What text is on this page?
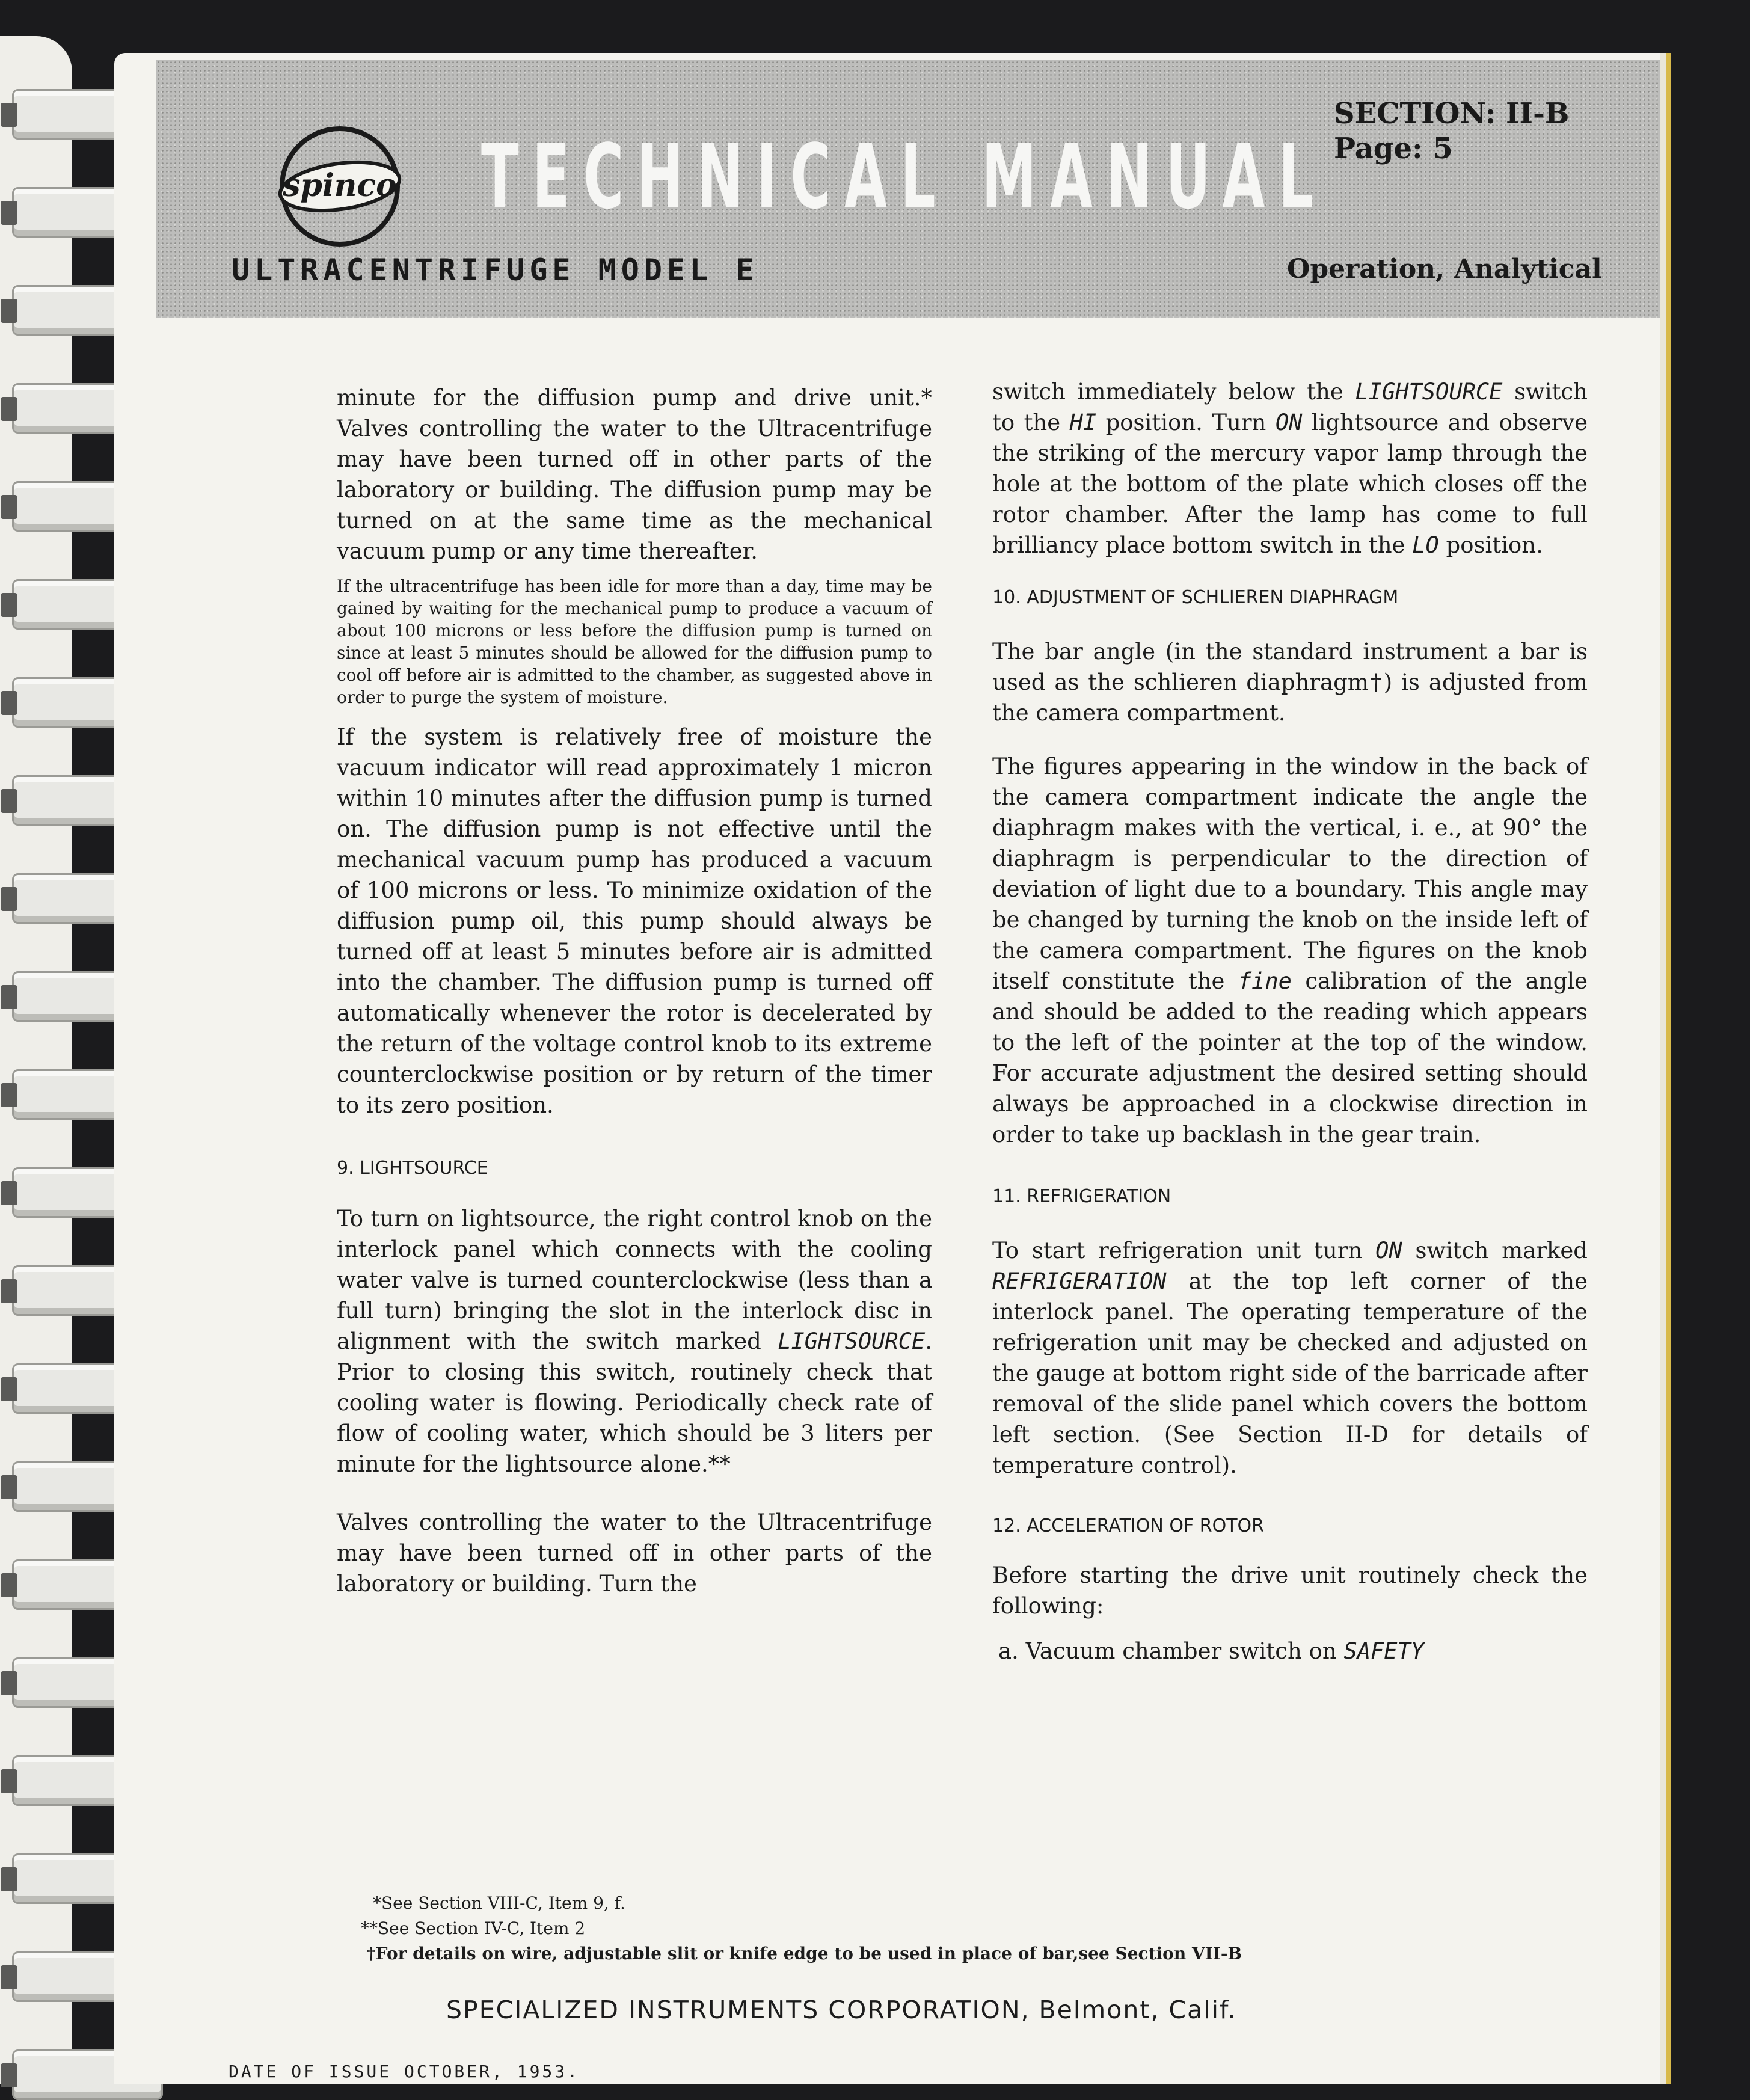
spinco TECHNICAL MANUAL
SECTION: II-B
Page: 5
ULTRACENTRIFUGE MODEL E	Operation, Analytical

minute for the diffusion pump and drive unit.* Valves controlling the water to the Ultracentrifuge may have been turned off in other parts of the laboratory or building. The diffusion pump may be turned on at the same time as the mechanical vacuum pump or any time thereafter.

If the ultracentrifuge has been idle for more than a day, time may be gained by waiting for the mechanical pump to produce a vacuum of about 100 microns or less before the diffusion pump is turned on since at least 5 minutes should be allowed for the diffusion pump to cool off before air is admitted to the chamber, as suggested above in order to purge the system of moisture.

If the system is relatively free of moisture the vacuum indicator will read approximately 1 micron within 10 minutes after the diffusion pump is turned on. The diffusion pump is not effective until the mechanical vacuum pump has produced a vacuum of 100 microns or less. To minimize oxidation of the diffusion pump oil, this pump should always be turned off at least 5 minutes before air is admitted into the chamber. The diffusion pump is turned off automatically whenever the rotor is decelerated by the return of the voltage control knob to its extreme counterclockwise position or by return of the timer to its zero position.

9. LIGHTSOURCE

To turn on lightsource, the right control knob on the interlock panel which connects with the cooling water valve is turned counterclockwise (less than a full turn) bringing the slot in the interlock disc in alignment with the switch marked LIGHTSOURCE. Prior to closing this switch, routinely check that cooling water is flowing. Periodically check rate of flow of cooling water, which should be 3 liters per minute for the lightsource alone.**

Valves controlling the water to the Ultracentrifuge may have been turned off in other parts of the laboratory or building. Turn the

switch immediately below the LIGHTSOURCE switch to the HI position. Turn ON lightsource and observe the striking of the mercury vapor lamp through the hole at the bottom of the plate which closes off the rotor chamber. After the lamp has come to full brilliancy place bottom switch in the LO position.

10. ADJUSTMENT OF SCHLIEREN DIAPHRAGM

The bar angle (in the standard instrument a bar is used as the schlieren diaphragm†) is adjusted from the camera compartment.

The figures appearing in the window in the back of the camera compartment indicate the angle the diaphragm makes with the vertical, i. e., at 90° the diaphragm is perpendicular to the direction of deviation of light due to a boundary. This angle may be changed by turning the knob on the inside left of the camera compartment. The figures on the knob itself constitute the fine calibration of the angle and should be added to the reading which appears to the left of the pointer at the top of the window. For accurate adjustment the desired setting should always be approached in a clockwise direction in order to take up backlash in the gear train.

11. REFRIGERATION

To start refrigeration unit turn ON switch marked REFRIGERATION at the top left corner of the interlock panel. The operating temperature of the refrigeration unit may be checked and adjusted on the gauge at bottom right side of the barricade after removal of the slide panel which covers the bottom left section. (See Section II-D for details of temperature control).

12. ACCELERATION OF ROTOR

Before starting the drive unit routinely check the following:

a. Vacuum chamber switch on SAFETY

*See Section VIII-C, Item 9, f.
**See Section IV-C, Item 2
†For details on wire, adjustable slit or knife edge to be used in place of bar,see Section VII-B
SPECIALIZED INSTRUMENTS CORPORATION, Belmont, Calif.
DATE OF ISSUE OCTOBER, 1953.
